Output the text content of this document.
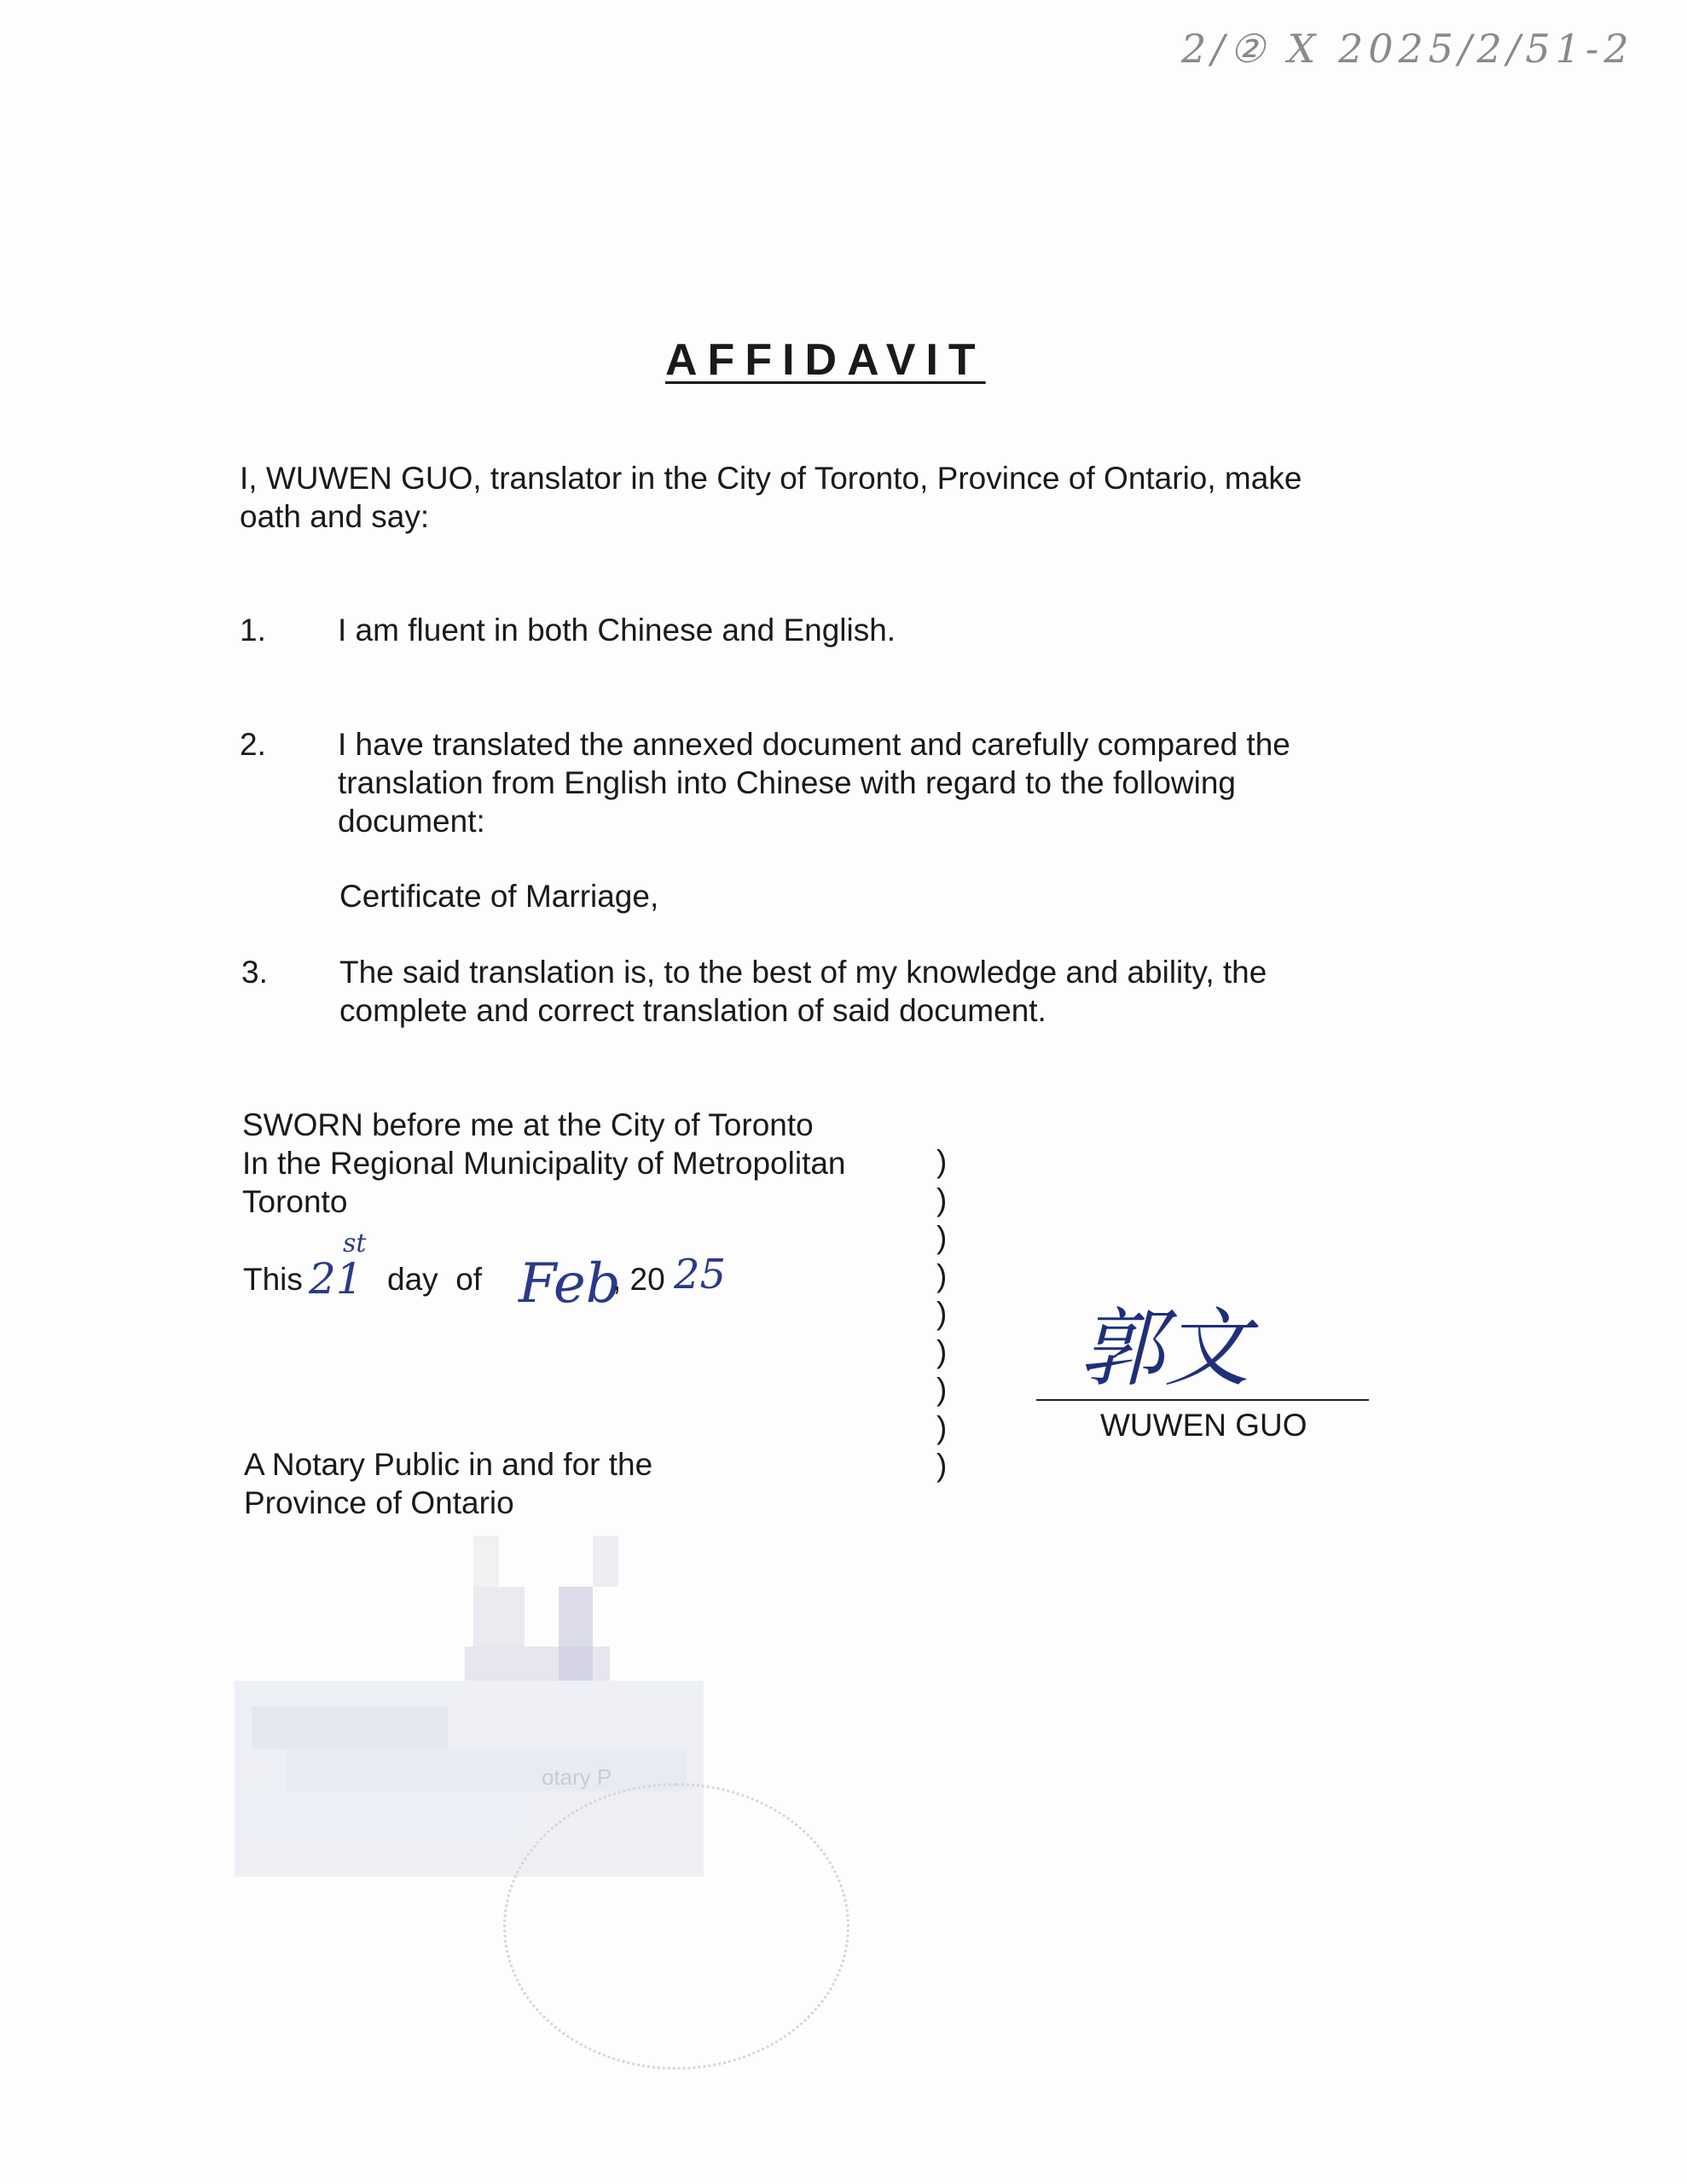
2/② X 2025/2/51-2
AFFIDAVIT
I, WUWEN GUO, translator in the City of Toronto, Province of Ontario, make
oath and say:
1.	I am fluent in both Chinese and English.
2.	I have translated the annexed document and carefully compared the
translation from English into Chinese with regard to the following
document:
Certificate of Marriage,
3.	The said translation is, to the best of my knowledge and ability, the
complete and correct translation of said document.
SWORN before me at the City of Toronto
In the Regional Municipality of Metropolitan
Toronto
This 21
st
day  of Feb
, 20 25
A Notary Public in and for the
Province of Ontario
)
)
)
)
)
)
)
)
)
郭文
WUWEN GUO
otary P
